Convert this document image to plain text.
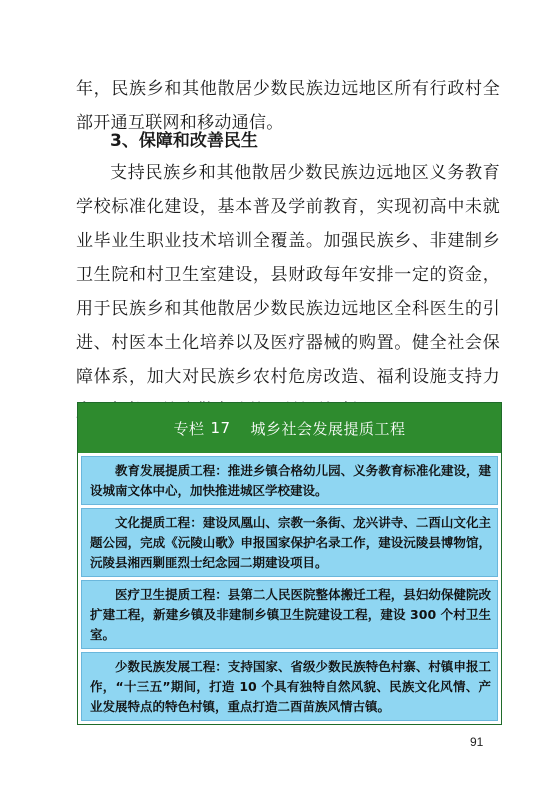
年，民族乡和其他散居少数民族边远地区所有行政村全部开通互联网和移动通信。

3、保障和改善民生

支持民族乡和其他散居少数民族边远地区义务教育学校标准化建设，基本普及学前教育，实现初高中未就业毕业生职业技术培训全覆盖。加强民族乡、非建制乡卫生院和村卫生室建设，县财政每年安排一定的资金，用于民族乡和其他散居少数民族边远地区全科医生的引进、村医本土化培养以及医疗器械的购置。健全社会保障体系，加大对民族乡农村危房改造、福利设施支持力

专栏 17 城乡社会发展提质工程
教育发展提质工程：推进乡镇合格幼儿园、义务教育标准化建设，建设城南文体中心，加快推进城区学校建设。
文化提质工程：建设凤凰山、宗教一条街、龙兴讲寺、二酉山文化主题公园，完成《沅陵山歌》申报国家保护名录工作，建设沅陵县博物馆，沅陵县湘西剿匪烈士纪念园二期建设项目。
医疗卫生提质工程：县第二人民医院整体搬迁工程，县妇幼保健院改扩建工程，新建乡镇及非建制乡镇卫生院建设工程，建设 300 个村卫生室。
少数民族发展工程：支持国家、省级少数民族特色村寨、村镇申报工作，“十三五”期间，打造 10 个具有独特自然风貌、民族文化风情、产业发展特点的特色村镇，重点打造二酉苗族风情古镇。
91
